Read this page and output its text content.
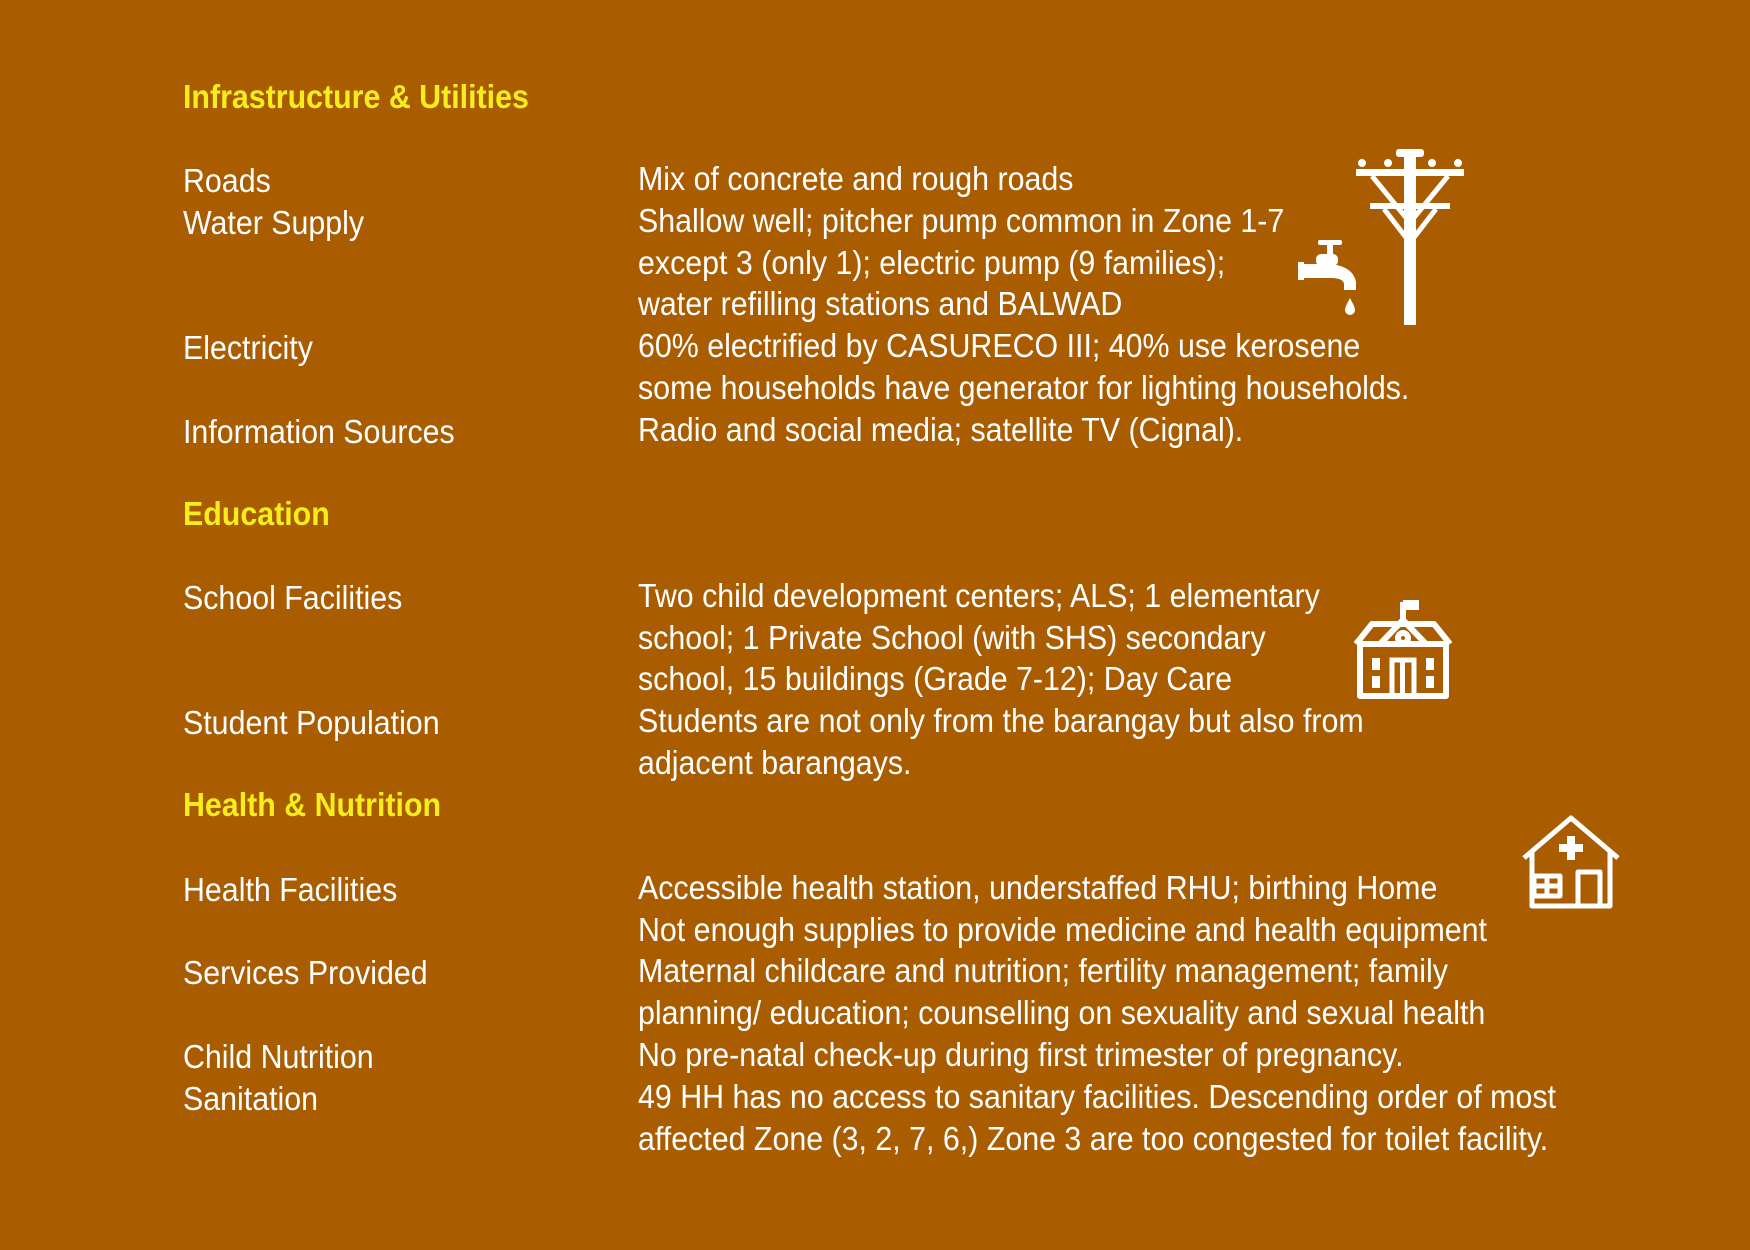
Infrastructure & Utilities
Roads	Mix of concrete and rough roads
Water Supply	Shallow well; pitcher pump common in Zone 1-7
except 3 (only 1); electric pump (9 families);
water refilling stations and BALWAD
Electricity	60% electrified by CASURECO III; 40% use kerosene
some households have generator for lighting households.
Information Sources	Radio and social media; satellite TV (Cignal).
Education
School Facilities	Two child development centers; ALS; 1 elementary
school; 1 Private School (with SHS) secondary
school, 15 buildings (Grade 7-12); Day Care
Student Population	Students are not only from the barangay but also from
adjacent barangays.
Health & Nutrition
Health Facilities	Accessible health station, understaffed RHU; birthing Home
Not enough supplies to provide medicine and health equipment
Services Provided	Maternal childcare and nutrition; fertility management; family
planning/ education; counselling on sexuality and sexual health
Child Nutrition	No pre-natal check-up during first trimester of pregnancy.
Sanitation	49 HH has no access to sanitary facilities. Descending order of most
affected Zone (3, 2, 7, 6,) Zone 3 are too congested for toilet facility.
